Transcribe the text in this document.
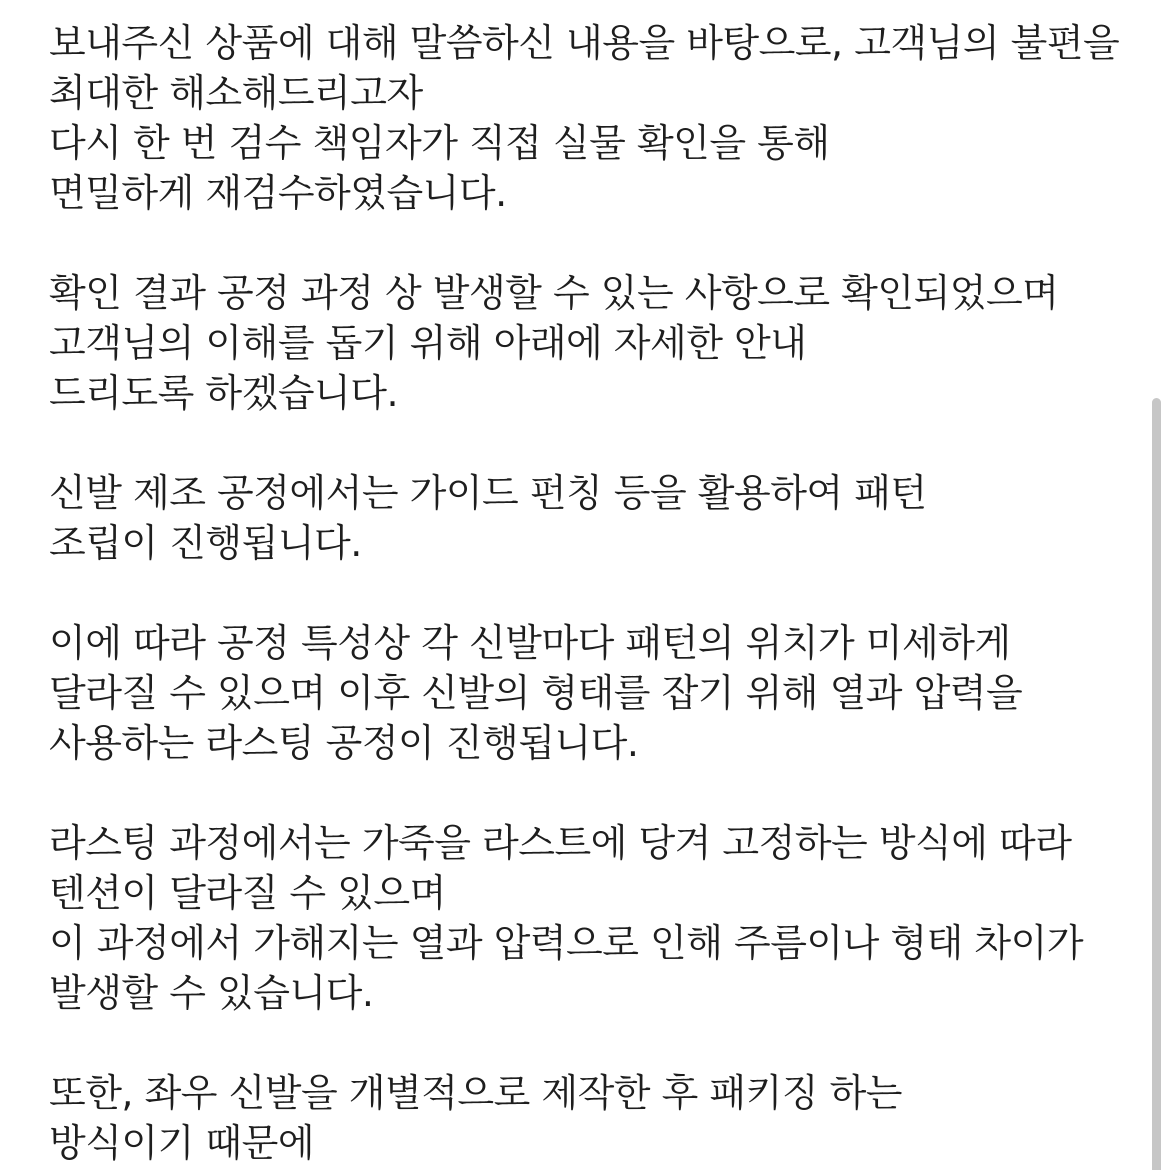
보내주신 상품에 대해 말씀하신 내용을 바탕으로, 고객님의 불편을
최대한 해소해드리고자
다시 한 번 검수 책임자가 직접 실물 확인을 통해
면밀하게 재검수하였습니다.
확인 결과 공정 과정 상 발생할 수 있는 사항으로 확인되었으며
고객님의 이해를 돕기 위해 아래에 자세한 안내
드리도록 하겠습니다.
신발 제조 공정에서는 가이드 펀칭 등을 활용하여 패턴
조립이 진행됩니다.
이에 따라 공정 특성상 각 신발마다 패턴의 위치가 미세하게
달라질 수 있으며 이후 신발의 형태를 잡기 위해 열과 압력을
사용하는 라스팅 공정이 진행됩니다.
라스팅 과정에서는 가죽을 라스트에 당겨 고정하는 방식에 따라
텐션이 달라질 수 있으며
이 과정에서 가해지는 열과 압력으로 인해 주름이나 형태 차이가
발생할 수 있습니다.
또한, 좌우 신발을 개별적으로 제작한 후 패키징 하는
방식이기 때문에
